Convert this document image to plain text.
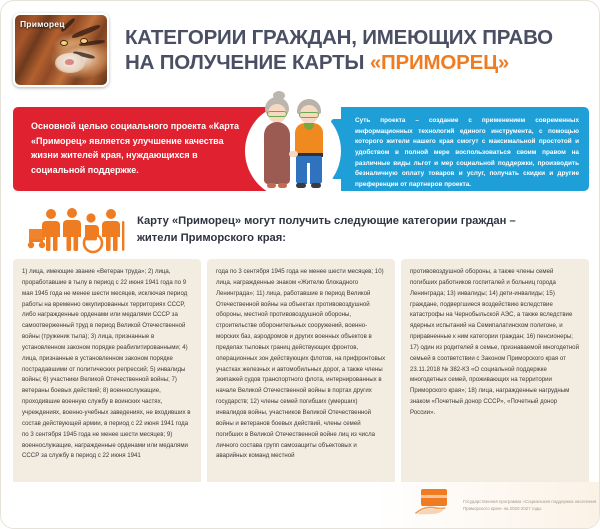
Приморец
КАТЕГОРИИ ГРАЖДАН, ИМЕЮЩИХ ПРАВО
НА ПОЛУЧЕНИЕ КАРТЫ «ПРИМОРЕЦ»
Основной целью социального проекта «Карта «Приморец» является улучшение качества жизни жителей края, нуждающихся в социальной поддержке.
Суть проекта – создание с применением современных информационных технологий единого инструмента, с помощью которого жители нашего края смогут с максимальной простотой и удобством в полной мере воспользоваться своим правом на различные виды льгот и мер социальной поддержки, производить безналичную оплату товаров и услуг, получать скидки и другие преференции от партнеров проекта.
Карту «Приморец» могут получить следующие категории граждан –
жители Приморского края:

1) лица, имеющие звание «Ветеран труда»; 2) лица, проработавшие в тылу в период с 22 июня 1941 года по 9 мая 1945 года не менее шести месяцев, исключая период работы на временно оккупированных территориях СССР, либо награжденные орденами или медалями СССР за самоотверженный труд в период Великой Отечественной войны (труженик тыла); 3) лица, признанные в установленном законом порядке реабилитированными; 4) лица, признанные в установленном законом порядке пострадавшими от политических репрессий; 5) инвалиды войны; 6) участники Великой Отечественной войны; 7) ветераны боевых действий; 8) военнослужащие, проходившие военную службу в воинских частях, учреждениях, военно-учебных заведениях, не входивших в состав действующей армии, в период с 22 июня 1941 года по 3 сентября 1945 года не менее шести месяцев; 9) военнослужащие, награжденные орденами или медалями СССР за службу в период с 22 июня 1941

года по 3 сентября 1945 года не менее шести месяцев; 10) лица, награжденные знаком «Жителю блокадного Ленинграда»; 11) лица, работавшие в период Великой Отечественной войны на объектах противовоздушной обороны, местной противовоздушной обороны, строительстве оборонительных сооружений, военно-морских баз, аэродромов и других военных объектов в пределах тыловых границ действующих фронтов, операционных зон действующих флотов, на прифронтовых участках железных и автомобильных дорог, а также члены экипажей судов транспортного флота, интернированных в начале Великой Отечественной войны в портах других государств; 12) члены семей погибших (умерших) инвалидов войны, участников Великой Отечественной войны и ветеранов боевых действий, члены семей погибших в Великой Отечественной войне лиц из числа личного состава групп самозащиты объектовых и аварийных команд местной

противовоздушной обороны, а также члены семей погибших работников госпиталей и больниц города Ленинграда; 13) инвалиды; 14) дети-инвалиды; 15) граждане, подвергшиеся воздействию вследствие катастрофы на Чернобыльской АЭС, а также вследствие ядерных испытаний на Семипалатинском полигоне, и приравненные к ним категории граждан; 16) пенсионеры; 17) один из родителей в семье, признаваемой многодетной семьей в соответствии с Законом Приморского края от 23.11.2018 № 382-КЗ «О социальной поддержке многодетных семей, проживающих на территории Приморского края»; 18) лица, награжденные нагрудным знаком «Почетный донор СССР», «Почетный донор России».

Государственная программа «Социальная поддержка населения Приморского края» на 2020-2027 годы
